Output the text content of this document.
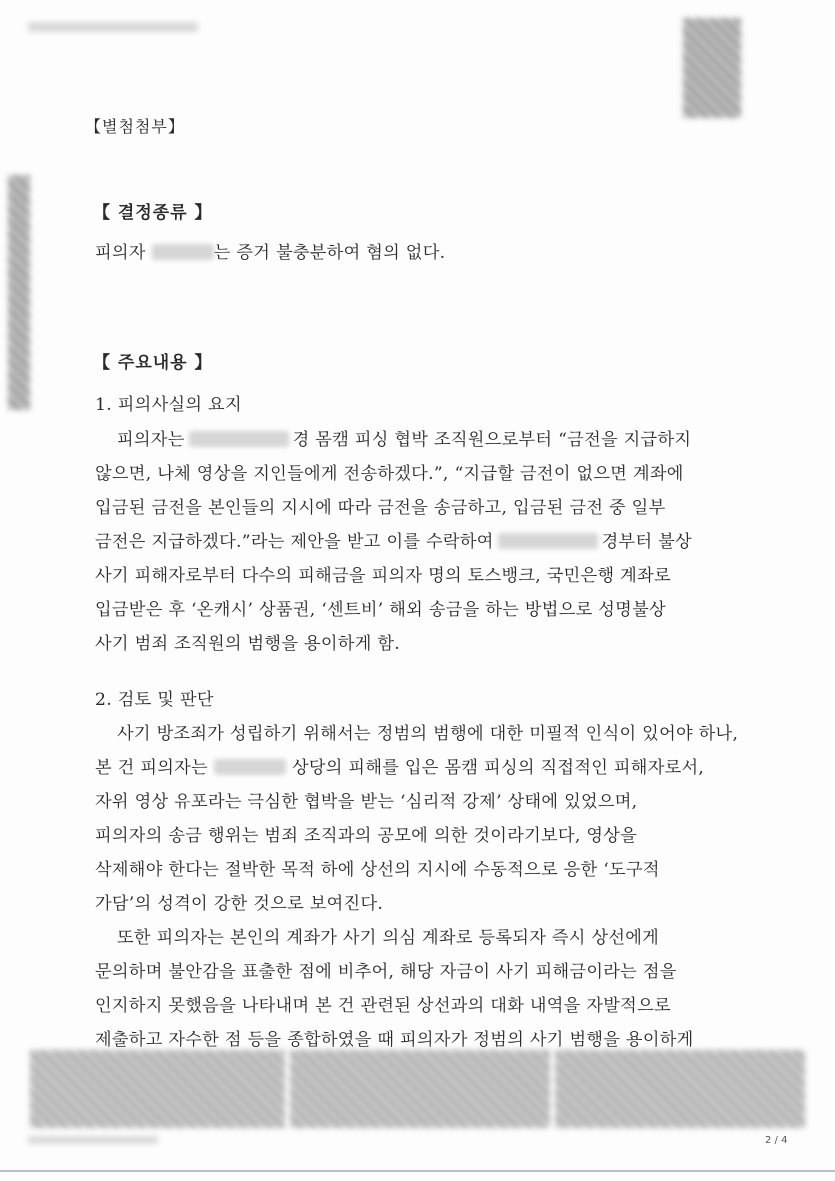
【별첨첨부】
【 결정종류 】
피의자	는 증거 불충분하여 혐의 없다.
【 주요내용 】
1. 피의사실의 요지
피의자는	경 몸캠 피싱 협박 조직원으로부터 “금전을 지급하지
않으면, 나체 영상을 지인들에게 전송하겠다.”, “지급할 금전이 없으면 계좌에
입금된 금전을 본인들의 지시에 따라 금전을 송금하고, 입금된 금전 중 일부
금전은 지급하겠다.”라는 제안을 받고 이를 수락하여	경부터 불상
사기 피해자로부터 다수의 피해금을 피의자 명의 토스뱅크, 국민은행 계좌로
입금받은 후 ‘온캐시’ 상품권, ‘센트비’ 해외 송금을 하는 방법으로 성명불상
사기 범죄 조직원의 범행을 용이하게 함.
2. 검토 및 판단
사기 방조죄가 성립하기 위해서는 정범의 범행에 대한 미필적 인식이 있어야 하나,
본 건 피의자는	상당의 피해를 입은 몸캠 피싱의 직접적인 피해자로서,
자위 영상 유포라는 극심한 협박을 받는 ‘심리적 강제’ 상태에 있었으며,
피의자의 송금 행위는 범죄 조직과의 공모에 의한 것이라기보다, 영상을
삭제해야 한다는 절박한 목적 하에 상선의 지시에 수동적으로 응한 ‘도구적
가담’의 성격이 강한 것으로 보여진다.
또한 피의자는 본인의 계좌가 사기 의심 계좌로 등록되자 즉시 상선에게
문의하며 불안감을 표출한 점에 비추어, 해당 자금이 사기 피해금이라는 점을
인지하지 못했음을 나타내며 본 건 관련된 상선과의 대화 내역을 자발적으로
제출하고 자수한 점 등을 종합하였을 때 피의자가 정범의 사기 범행을 용이하게
2 / 4
